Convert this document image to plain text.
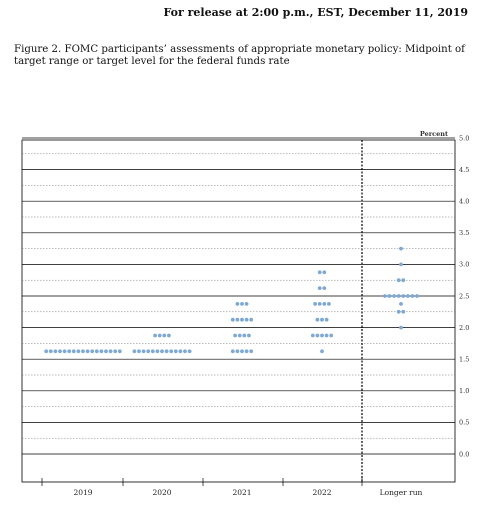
For release at 2:00 p.m., EST, December 11, 2019
Figure 2. FOMC participants’ assessments of appropriate monetary policy: Midpoint of target range or target level for the federal funds rate
0.0
0.5
1.0
1.5
2.0
2.5
3.0
3.5
4.0
4.5
5.0
Percent
2019	2020	2021	2022	Longer run
